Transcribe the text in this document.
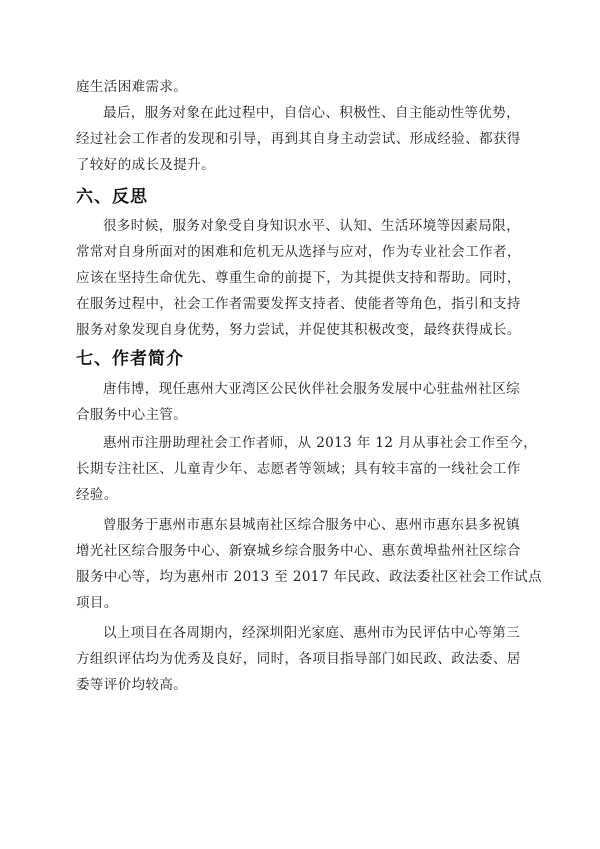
庭生活困难需求。
最后，服务对象在此过程中，自信心、积极性、自主能动性等优势，
经过社会工作者的发现和引导，再到其自身主动尝试、形成经验、都获得
了较好的成长及提升。
六、反思
很多时候，服务对象受自身知识水平、认知、生活环境等因素局限，
常常对自身所面对的困难和危机无从选择与应对，作为专业社会工作者，
应该在坚持生命优先、尊重生命的前提下，为其提供支持和帮助。同时，
在服务过程中，社会工作者需要发挥支持者、使能者等角色，指引和支持
服务对象发现自身优势，努力尝试，并促使其积极改变，最终获得成长。
七、作者简介
唐伟博，现任惠州大亚湾区公民伙伴社会服务发展中心驻盐州社区综
合服务中心主管。
惠州市注册助理社会工作者师，从 2013 年 12 月从事社会工作至今，
长期专注社区、儿童青少年、志愿者等领域；具有较丰富的一线社会工作
经验。
曾服务于惠州市惠东县城南社区综合服务中心、惠州市惠东县多祝镇
增光社区综合服务中心、新寮城乡综合服务中心、惠东黄埠盐州社区综合
服务中心等，均为惠州市 2013 至 2017 年民政、政法委社区社会工作试点
项目。
以上项目在各周期内，经深圳阳光家庭、惠州市为民评估中心等第三
方组织评估均为优秀及良好，同时，各项目指导部门如民政、政法委、居
委等评价均较高。
